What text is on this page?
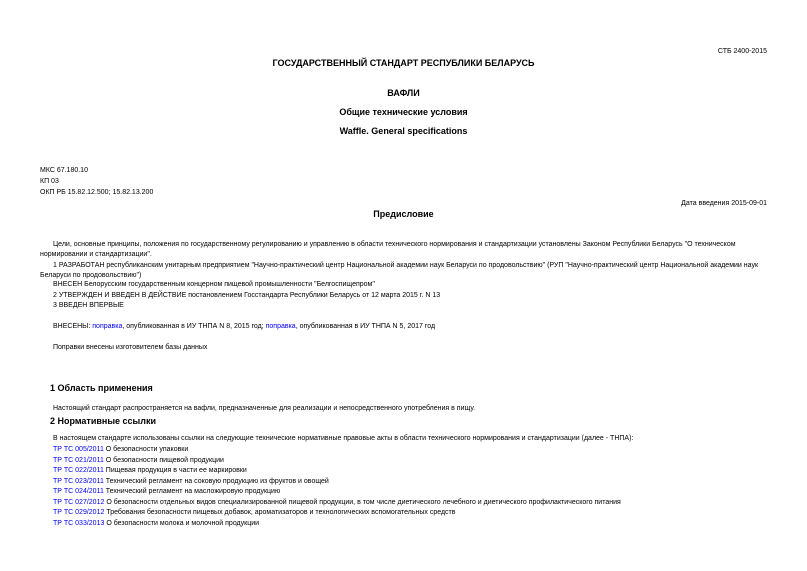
СТБ 2400-2015
ГОСУДАРСТВЕННЫЙ СТАНДАРТ РЕСПУБЛИКИ БЕЛАРУСЬ
ВАФЛИ
Общие технические условия
Waffle. General specifications
МКС 67.180.10
КП 03
ОКП РБ 15.82.12.500; 15.82.13.200
Дата введения 2015-09-01
Предисловие
Цели, основные принципы, положения по государственному регулированию и управлению в области технического нормирования и стандартизации установлены Законом Республики Беларусь "О техническом нормировании и стандартизации".
1 РАЗРАБОТАН республиканским унитарным предприятием "Научно-практический центр Национальной академии наук Беларуси по продовольствию" (РУП "Научно-практический центр Национальной академии наук Беларуси по продовольствию")
ВНЕСЕН Белорусским государственным концерном пищевой промышленности "Белгоспищепром"
2 УТВЕРЖДЕН И ВВЕДЕН В ДЕЙСТВИЕ постановлением Госстандарта Республики Беларусь от 12 марта 2015 г. N 13
3 ВВЕДЕН ВПЕРВЫЕ
ВНЕСЕНЫ: поправка, опубликованная в ИУ ТНПА N 8, 2015 год; поправка, опубликованная в ИУ ТНПА N 5, 2017 год
Поправки внесены изготовителем базы данных
1 Область применения
Настоящий стандарт распространяется на вафли, предназначенные для реализации и непосредственного употребления в пищу.
2 Нормативные ссылки
В настоящем стандарте использованы ссылки на следующие технические нормативные правовые акты в области технического нормирования и стандартизации (далее - ТНПА):
ТР ТС 005/2011 О безопасности упаковки
ТР ТС 021/2011 О безопасности пищевой продукции
ТР ТС 022/2011 Пищевая продукция в части ее маркировки
ТР ТС 023/2011 Технический регламент на соковую продукцию из фруктов и овощей
ТР ТС 024/2011 Технический регламент на масложировую продукцию
ТР ТС 027/2012 О безопасности отдельных видов специализированной пищевой продукции, в том числе диетического лечебного и диетического профилактического питания
ТР ТС 029/2012 Требования безопасности пищевых добавок, ароматизаторов и технологических вспомогательных средств
ТР ТС 033/2013 О безопасности молока и молочной продукции
